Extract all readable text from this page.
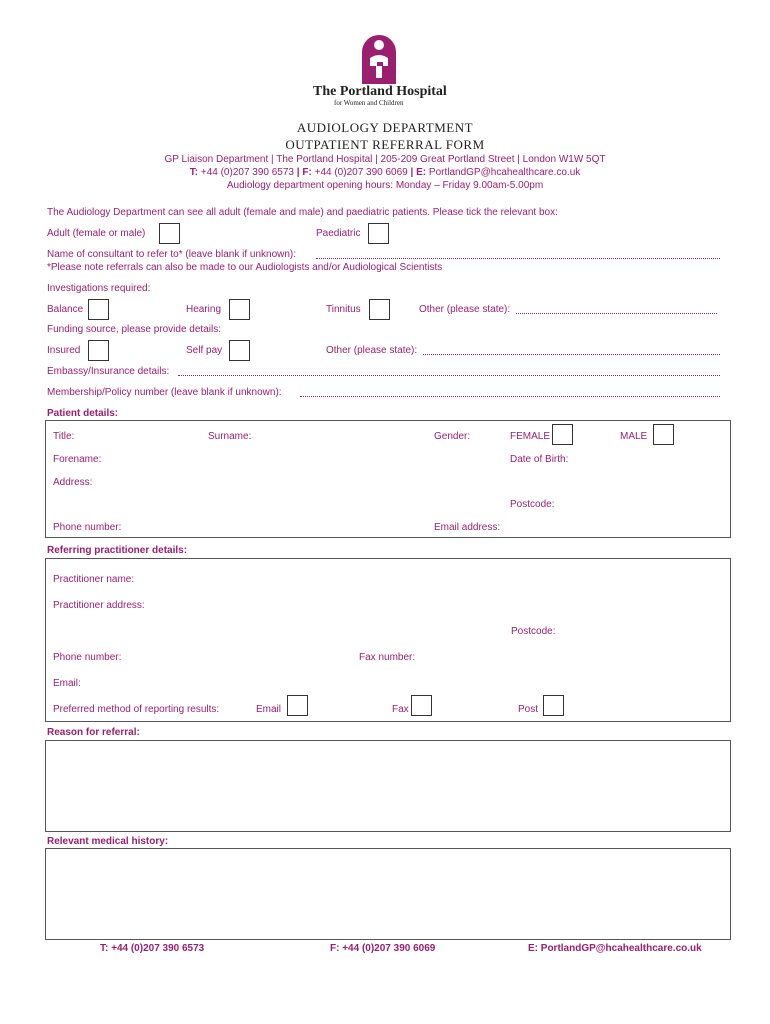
The Portland Hospital
for Women and Children
AUDIOLOGY DEPARTMENT
OUTPATIENT REFERRAL FORM
GP Liaison Department | The Portland Hospital | 205-209 Great Portland Street | London W1W 5QT
T: +44 (0)207 390 6573 | F: +44 (0)207 390 6069 | E: PortlandGP@hcahealthcare.co.uk
Audiology department opening hours: Monday – Friday 9.00am-5.00pm
The Audiology Department can see all adult (female and male) and paediatric patients. Please tick the relevant box:
Adult (female or male)	Paediatric
Name of consultant to refer to* (leave blank if unknown):
*Please note referrals can also be made to our Audiologists and/or Audiological Scientists
Investigations required:
Balance	Hearing	Tinnitus	Other (please state):
Funding source, please provide details:
Insured	Self pay	Other (please state):
Embassy/Insurance details:
Membership/Policy number (leave blank if unknown):
Patient details:
Title:	Surname:	Gender:	FEMALE	MALE
Forename:	Date of Birth:
Address:
Postcode:
Phone number:	Email address:
Referring practitioner details:
Practitioner name:
Practitioner address:
Postcode:
Phone number:	Fax number:
Email:
Preferred method of reporting results:	Email	Fax	Post
Reason for referral:
Relevant medical history:
T: +44 (0)207 390 6573	F: +44 (0)207 390 6069	E: PortlandGP@hcahealthcare.co.uk
